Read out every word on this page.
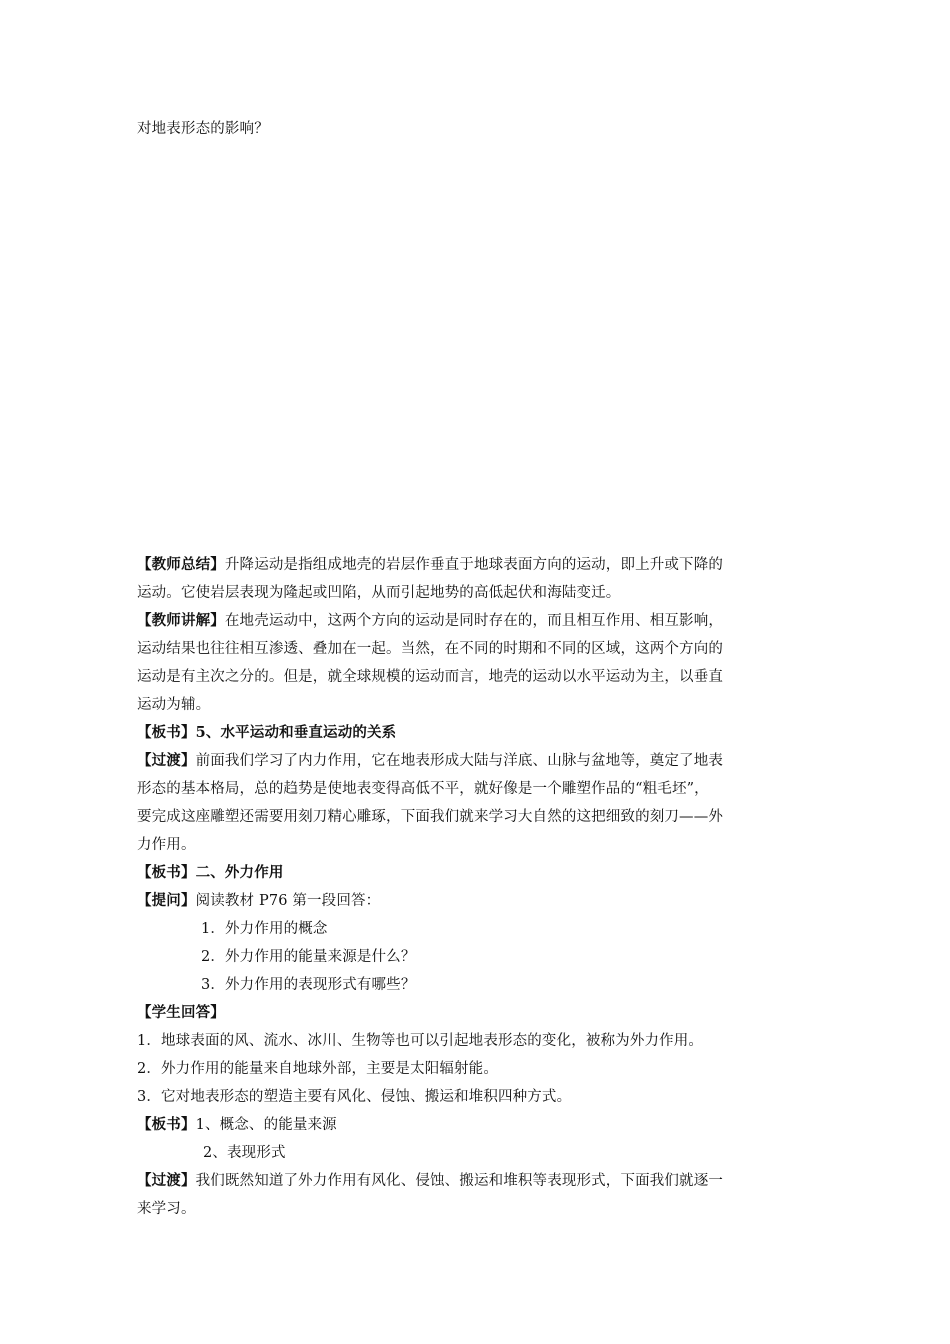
对地表形态的影响？
【教师总结】升降运动是指组成地壳的岩层作垂直于地球表面方向的运动，即上升或下降的
运动。它使岩层表现为隆起或凹陷，从而引起地势的高低起伏和海陆变迁。
【教师讲解】在地壳运动中，这两个方向的运动是同时存在的，而且相互作用、相互影响，
运动结果也往往相互渗透、叠加在一起。当然，在不同的时期和不同的区域，这两个方向的
运动是有主次之分的。但是，就全球规模的运动而言，地壳的运动以水平运动为主，以垂直
运动为辅。
【板书】5、水平运动和垂直运动的关系
【过渡】前面我们学习了内力作用，它在地表形成大陆与洋底、山脉与盆地等，奠定了地表
形态的基本格局，总的趋势是使地表变得高低不平，就好像是一个雕塑作品的“粗毛坯”，
要完成这座雕塑还需要用刻刀精心雕琢，下面我们就来学习大自然的这把细致的刻刀——外
力作用。
【板书】二、外力作用
【提问】阅读教材 P76 第一段回答：
1．外力作用的概念
2．外力作用的能量来源是什么？
3．外力作用的表现形式有哪些？
【学生回答】
1．地球表面的风、流水、冰川、生物等也可以引起地表形态的变化，被称为外力作用。
2．外力作用的能量来自地球外部，主要是太阳辐射能。
3．它对地表形态的塑造主要有风化、侵蚀、搬运和堆积四种方式。
【板书】1、概念、的能量来源
2、表现形式
【过渡】我们既然知道了外力作用有风化、侵蚀、搬运和堆积等表现形式，下面我们就逐一
来学习。
